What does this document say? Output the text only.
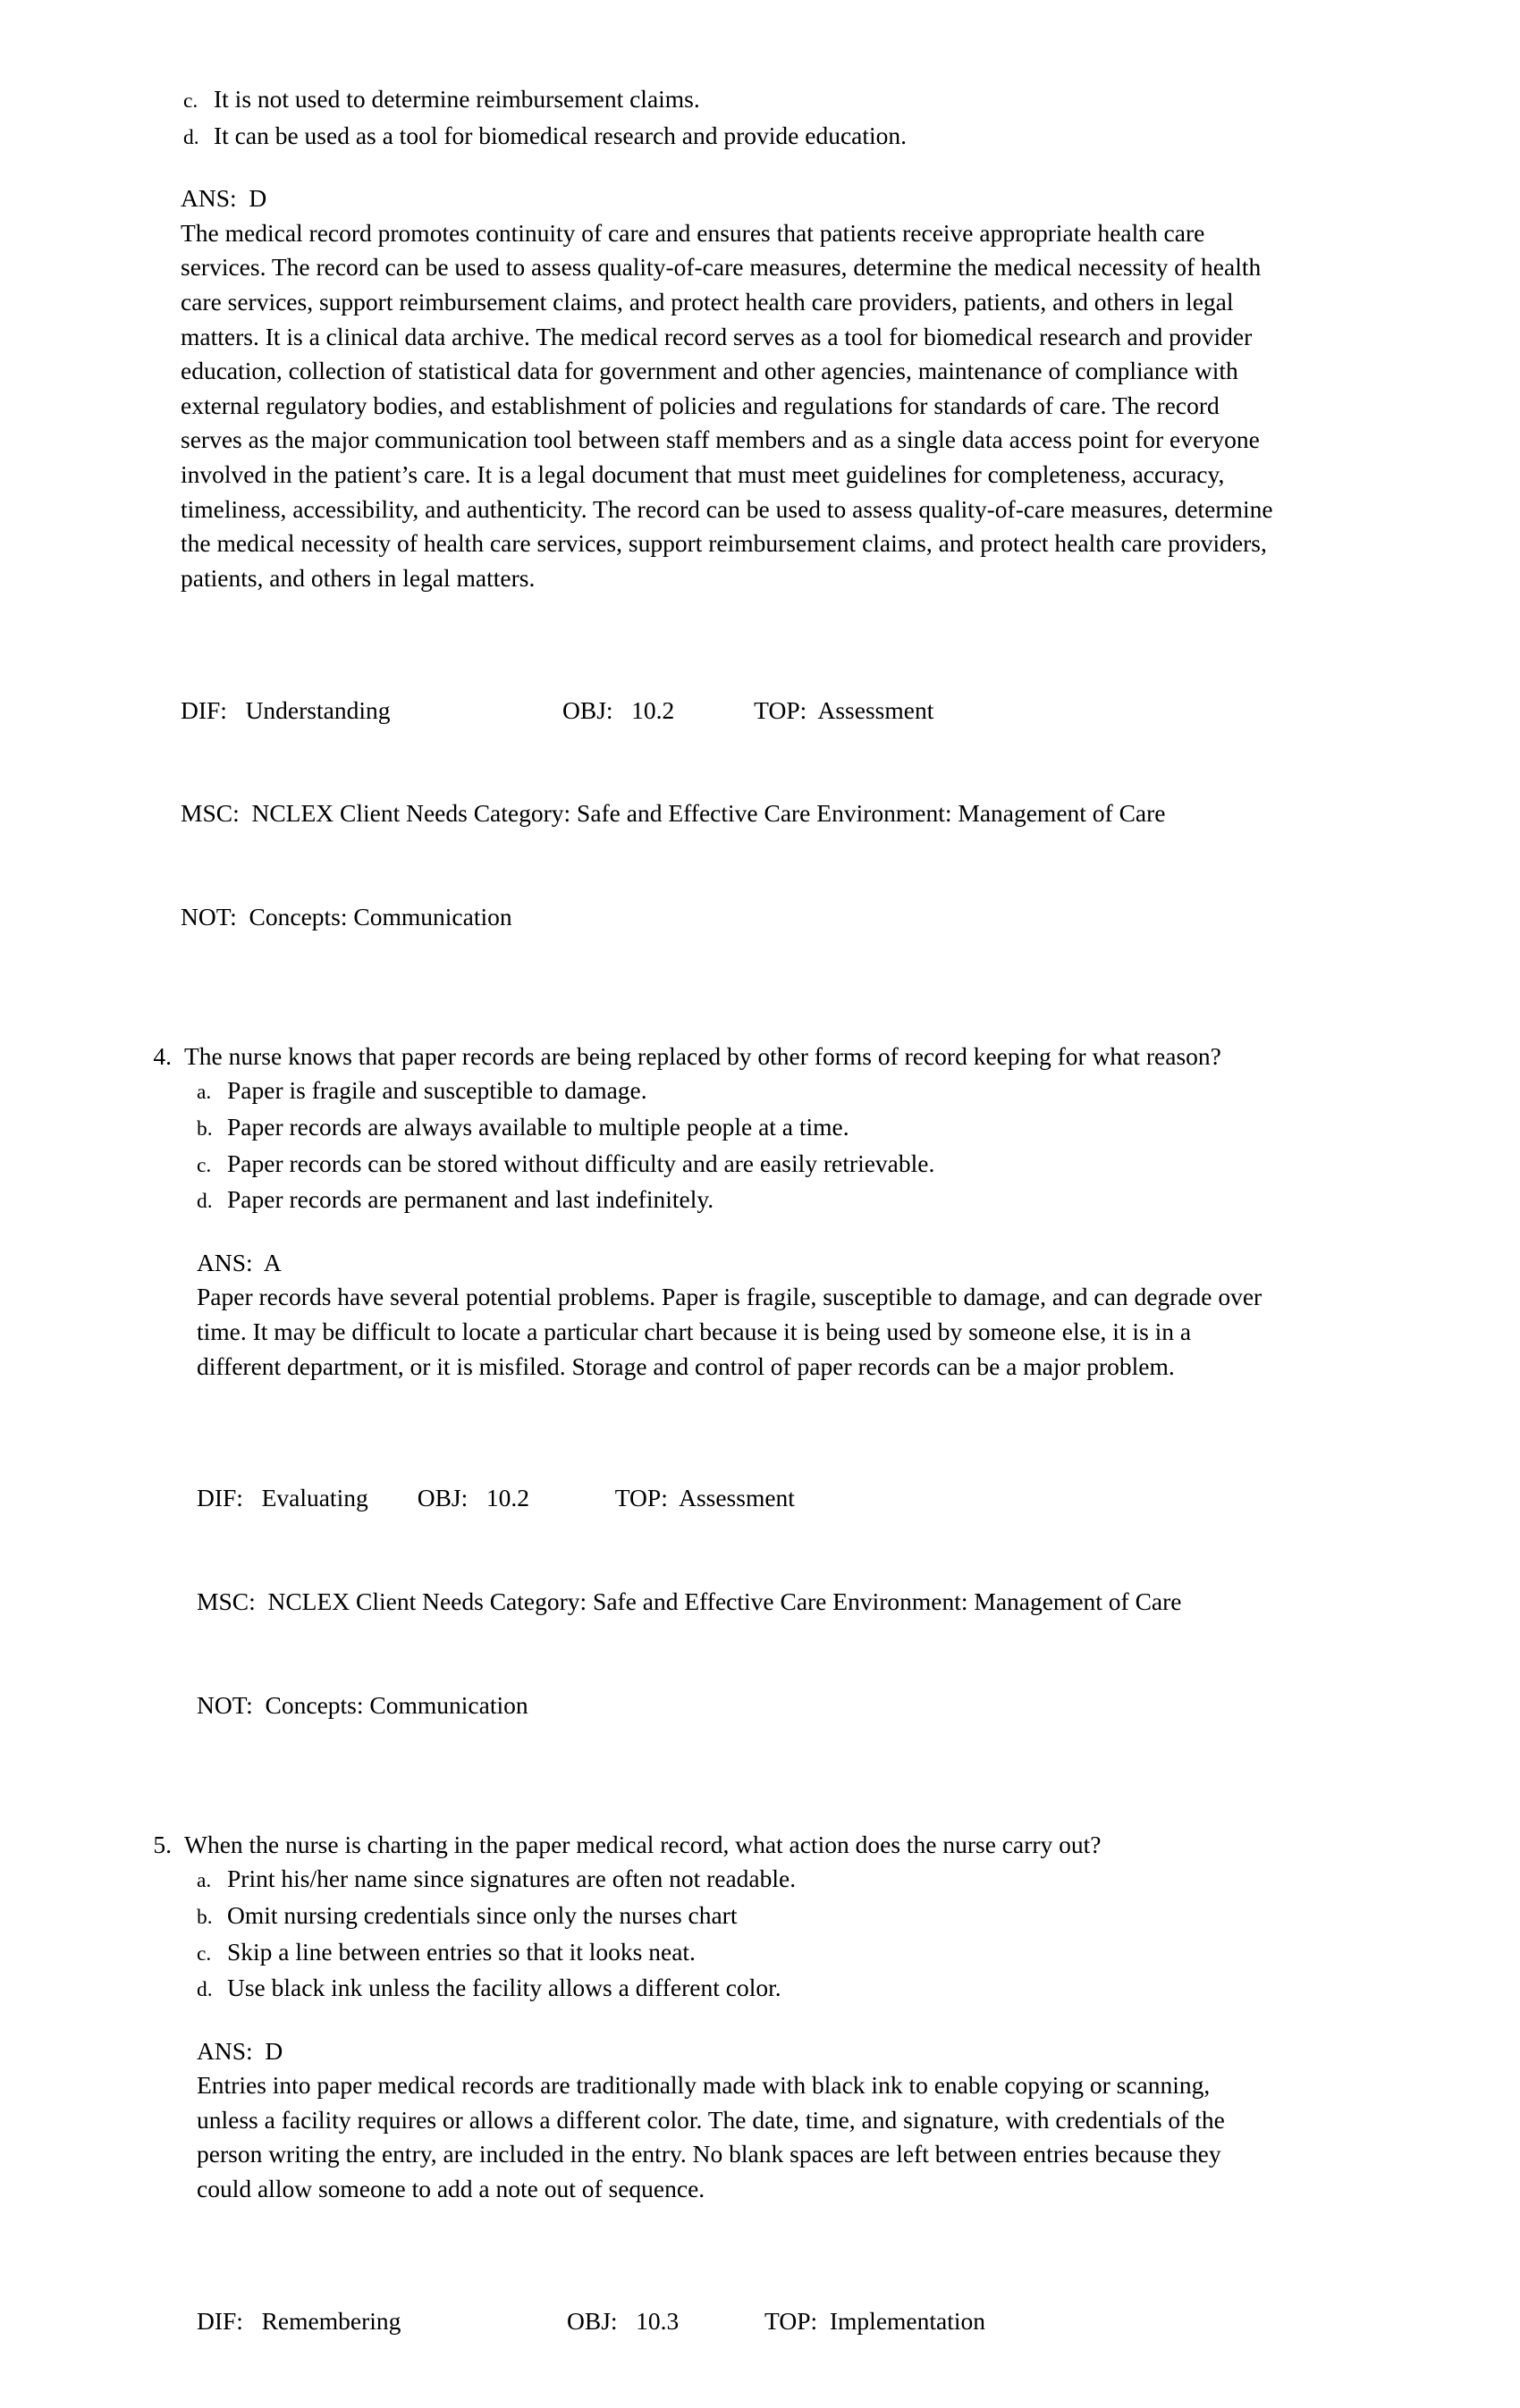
c. It is not used to determine reimbursement claims.
d. It can be used as a tool for biomedical research and provide education.
ANS:  D

The medical record promotes continuity of care and ensures that patients receive appropriate health care services. The record can be used to assess quality-of-care measures, determine the medical necessity of health care services, support reimbursement claims, and protect health care providers, patients, and others in legal matters. It is a clinical data archive. The medical record serves as a tool for biomedical research and provider education, collection of statistical data for government and other agencies, maintenance of compliance with external regulatory bodies, and establishment of policies and regulations for standards of care. The record serves as the major communication tool between staff members and as a single data access point for everyone involved in the patient’s care. It is a legal document that must meet guidelines for completeness, accuracy, timeliness, accessibility, and authenticity. The record can be used to assess quality-of-care measures, determine the medical necessity of health care services, support reimbursement claims, and protect health care providers, patients, and others in legal matters.

DIF:   Understanding                            OBJ:   10.2             TOP:  Assessment

MSC:  NCLEX Client Needs Category: Safe and Effective Care Environment: Management of Care

NOT:  Concepts: Communication

4. The nurse knows that paper records are being replaced by other forms of record keeping for what reason?
a. Paper is fragile and susceptible to damage.
b. Paper records are always available to multiple people at a time.
c. Paper records can be stored without difficulty and are easily retrievable.
d. Paper records are permanent and last indefinitely.
ANS:  A

Paper records have several potential problems. Paper is fragile, susceptible to damage, and can degrade over time. It may be difficult to locate a particular chart because it is being used by someone else, it is in a different department, or it is misfiled. Storage and control of paper records can be a major problem.

DIF:   Evaluating        OBJ:   10.2              TOP:  Assessment

MSC:  NCLEX Client Needs Category: Safe and Effective Care Environment: Management of Care

NOT:  Concepts: Communication

5. When the nurse is charting in the paper medical record, what action does the nurse carry out?
a. Print his/her name since signatures are often not readable.
b. Omit nursing credentials since only the nurses chart
c. Skip a line between entries so that it looks neat.
d. Use black ink unless the facility allows a different color.
ANS:  D

Entries into paper medical records are traditionally made with black ink to enable copying or scanning, unless a facility requires or allows a different color. The date, time, and signature, with credentials of the person writing the entry, are included in the entry. No blank spaces are left between entries because they could allow someone to add a note out of sequence.

DIF:   Remembering                           OBJ:   10.3              TOP:  Implementation
